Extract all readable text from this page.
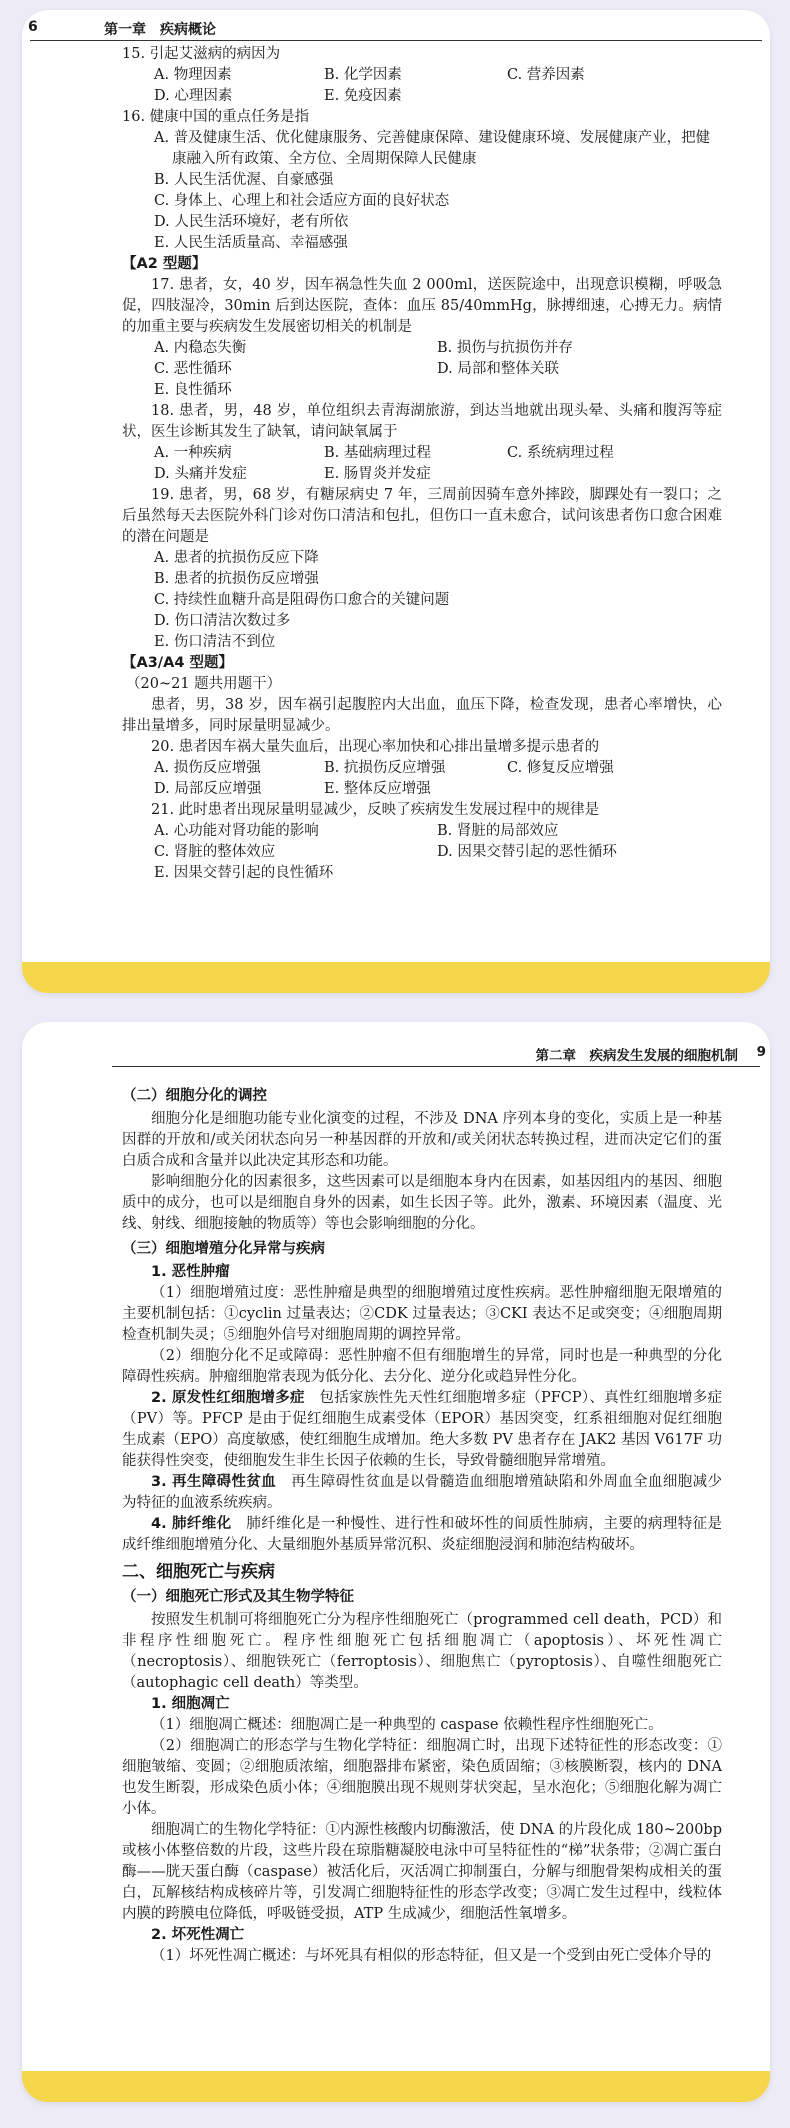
6	第一章　疾病概论

15. 引起艾滋病的病因为

A. 物理因素	B. 化学因素	C. 营养因素
D. 心理因素	E. 免疫因素

16. 健康中国的重点任务是指

A. 普及健康生活、优化健康服务、完善健康保障、建设健康环境、发展健康产业，把健
康融入所有政策、全方位、全周期保障人民健康
B. 人民生活优渥、自豪感强
C. 身体上、心理上和社会适应方面的良好状态
D. 人民生活环境好，老有所依
E. 人民生活质量高、幸福感强

【A2 型题】

17. 患者，女，40 岁，因车祸急性失血 2 000ml，送医院途中，出现意识模糊，呼吸急促，四肢湿冷，30min 后到达医院，查体：血压 85/40mmHg，脉搏细速，心搏无力。病情的加重主要与疾病发生发展密切相关的机制是

A. 内稳态失衡	B. 损伤与抗损伤并存
C. 恶性循环	D. 局部和整体关联
E. 良性循环

18. 患者，男，48 岁，单位组织去青海湖旅游，到达当地就出现头晕、头痛和腹泻等症状，医生诊断其发生了缺氧，请问缺氧属于

A. 一种疾病	B. 基础病理过程	C. 系统病理过程
D. 头痛并发症	E. 肠胃炎并发症

19. 患者，男，68 岁，有糖尿病史 7 年，三周前因骑车意外摔跤，脚踝处有一裂口；之后虽然每天去医院外科门诊对伤口清洁和包扎，但伤口一直未愈合，试问该患者伤口愈合困难的潜在问题是

A. 患者的抗损伤反应下降
B. 患者的抗损伤反应增强
C. 持续性血糖升高是阻碍伤口愈合的关键问题
D. 伤口清洁次数过多
E. 伤口清洁不到位

【A3/A4 型题】

（20~21 题共用题干）

患者，男，38 岁，因车祸引起腹腔内大出血，血压下降，检查发现，患者心率增快，心排出量增多，同时尿量明显减少。

20. 患者因车祸大量失血后，出现心率加快和心排出量增多提示患者的

A. 损伤反应增强	B. 抗损伤反应增强	C. 修复反应增强
D. 局部反应增强	E. 整体反应增强

21. 此时患者出现尿量明显减少，反映了疾病发生发展过程中的规律是

A. 心功能对肾功能的影响	B. 肾脏的局部效应
C. 肾脏的整体效应	D. 因果交替引起的恶性循环
E. 因果交替引起的良性循环
第二章　疾病发生发展的细胞机制 9

（二）细胞分化的调控

细胞分化是细胞功能专业化演变的过程，不涉及 DNA 序列本身的变化，实质上是一种基因群的开放和/或关闭状态向另一种基因群的开放和/或关闭状态转换过程，进而决定它们的蛋白质合成和含量并以此决定其形态和功能。

影响细胞分化的因素很多，这些因素可以是细胞本身内在因素，如基因组内的基因、细胞质中的成分，也可以是细胞自身外的因素，如生长因子等。此外，激素、环境因素（温度、光线、射线、细胞接触的物质等）等也会影响细胞的分化。

（三）细胞增殖分化异常与疾病

1. 恶性肿瘤

（1）细胞增殖过度：恶性肿瘤是典型的细胞增殖过度性疾病。恶性肿瘤细胞无限增殖的主要机制包括：①cyclin 过量表达；②CDK 过量表达；③CKI 表达不足或突变；④细胞周期检查机制失灵；⑤细胞外信号对细胞周期的调控异常。

（2）细胞分化不足或障碍：恶性肿瘤不但有细胞增生的异常，同时也是一种典型的分化障碍性疾病。肿瘤细胞常表现为低分化、去分化、逆分化或趋异性分化。

2. 原发性红细胞增多症　 包括家族性先天性红细胞增多症（PFCP）、真性红细胞增多症（PV）等。PFCP 是由于促红细胞生成素受体（EPOR）基因突变，红系祖细胞对促红细胞生成素（EPO）高度敏感，使红细胞生成增加。绝大多数 PV 患者存在 JAK2 基因 V617F 功能获得性突变，使细胞发生非生长因子依赖的生长，导致骨髓细胞异常增殖。

3. 再生障碍性贫血　 再生障碍性贫血是以骨髓造血细胞增殖缺陷和外周血全血细胞减少为特征的血液系统疾病。

4. 肺纤维化　 肺纤维化是一种慢性、进行性和破坏性的间质性肺病，主要的病理特征是成纤维细胞增殖分化、大量细胞外基质异常沉积、炎症细胞浸润和肺泡结构破坏。

二、细胞死亡与疾病

（一）细胞死亡形式及其生物学特征

按照发生机制可将细胞死亡分为程序性细胞死亡（programmed cell death，PCD）和非程序性细胞死亡。程序性细胞死亡包括细胞凋亡（apoptosis）、坏死性凋亡（necroptosis）、细胞铁死亡（ferroptosis）、细胞焦亡（pyroptosis）、自噬性细胞死亡（autophagic cell death）等类型。

1. 细胞凋亡

（1）细胞凋亡概述：细胞凋亡是一种典型的 caspase 依赖性程序性细胞死亡。

（2）细胞凋亡的形态学与生物化学特征：细胞凋亡时，出现下述特征性的形态改变：①细胞皱缩、变圆；②细胞质浓缩，细胞器排布紧密，染色质固缩；③核膜断裂，核内的 DNA 也发生断裂，形成染色质小体；④细胞膜出现不规则芽状突起，呈水泡化；⑤细胞化解为凋亡小体。

细胞凋亡的生物化学特征：①内源性核酸内切酶激活，使 DNA 的片段化成 180~200bp 或核小体整倍数的片段，这些片段在琼脂糖凝胶电泳中可呈特征性的“梯”状条带；②凋亡蛋白酶——胱天蛋白酶（caspase）被活化后，灭活凋亡抑制蛋白，分解与细胞骨架构成相关的蛋白，瓦解核结构成核碎片等，引发凋亡细胞特征性的形态学改变；③凋亡发生过程中，线粒体内膜的跨膜电位降低，呼吸链受损，ATP 生成减少，细胞活性氧增多。

2. 坏死性凋亡

（1）坏死性凋亡概述：与坏死具有相似的形态特征，但又是一个受到由死亡受体介导的
